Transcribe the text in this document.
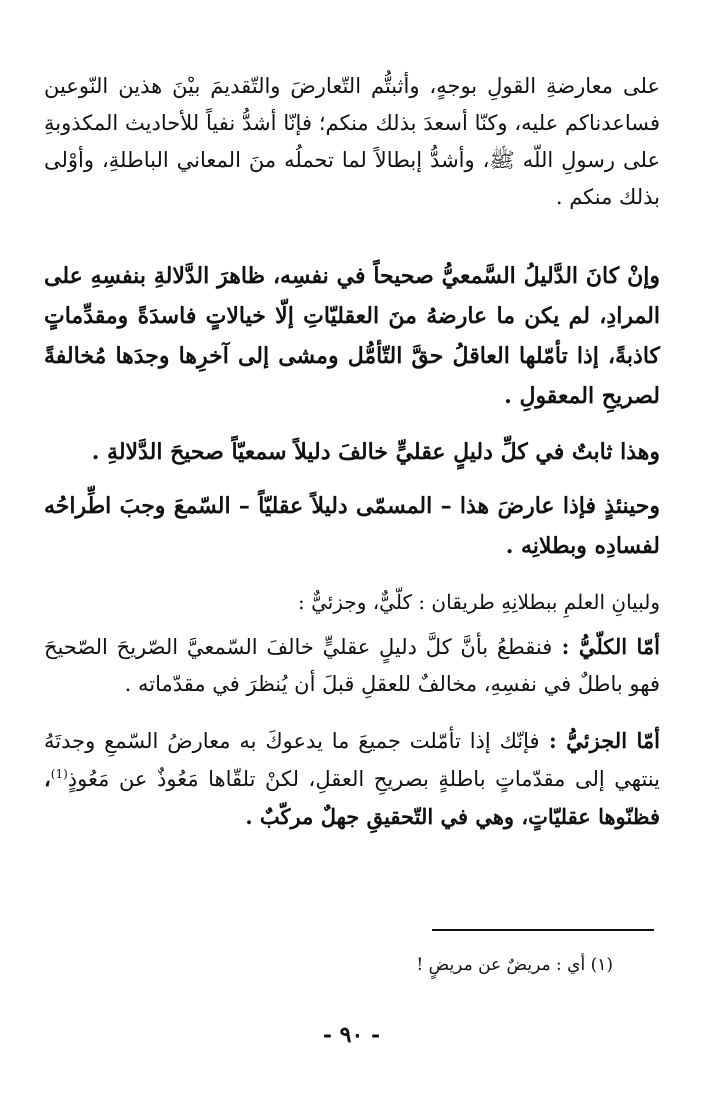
على معارضةِ القولِ بوجهٍ، وأثبتُّم التّعارضَ والتّقديمَ بيْنَ هذين النّوعين فساعدناكم عليه، وكنّا أسعدَ بذلك منكم؛ فإنّا أشدُّ نفياً للأحاديث المكذوبةِ على رسولِ اللّه ﷺ، وأشدُّ إبطالاً لما تحملُه منَ المعاني الباطلةِ، وأوْلى بذلك منكم .

وإنْ كانَ الدَّليلُ السَّمعيُّ صحيحاً في نفسِه، ظاهرَ الدَّلالةِ بنفسِهِ على المرادِ، لم يكن ما عارضهُ منَ العقليّاتِ إلّا خيالاتٍ فاسدَةً ومقدِّماتٍ كاذبةً، إذا تأمّلها العاقلُ حقَّ التّأمُّل ومشى إلى آخرِها وجدَها مُخالفةً لصريحِ المعقولِ .

وهذا ثابتٌ في كلِّ دليلٍ عقليٍّ خالفَ دليلاً سمعيّاً صحيحَ الدَّلالةِ .

وحينئذٍ فإذا عارضَ هذا – المسمّى دليلاً عقليّاً – السّمعَ وجبَ اطِّراحُه لفسادِه وبطلانِه .

ولبيانِ العلمِ ببطلانِهِ طريقان : كلّيٌّ، وجزئيٌّ :

أمّا الكلّيُّ : فنقطعُ بأنَّ كلَّ دليلٍ عقليٍّ خالفَ السّمعيَّ الصّريحَ الصّحيحَ فهو باطلٌ في نفسِهِ، مخالفٌ للعقلِ قبلَ أن يُنظرَ في مقدّماته .

أمّا الجزئيُّ : فإنّك إذا تأمّلت جميعَ ما يدعوكَ به معارضُ السّمعِ وجدتَهُ ينتهي إلى مقدّماتٍ باطلةٍ بصريحِ العقلِ، لكنْ تلقّاها مَعُوذٌ عن مَعُوذٍ$^{(1)}$، فظنّوها عقليّاتٍ، وهي في التّحقيقِ جهلٌ مركّبٌ .

(١) أي : مريضٌ عن مريضٍ !
- ٩٠ -
